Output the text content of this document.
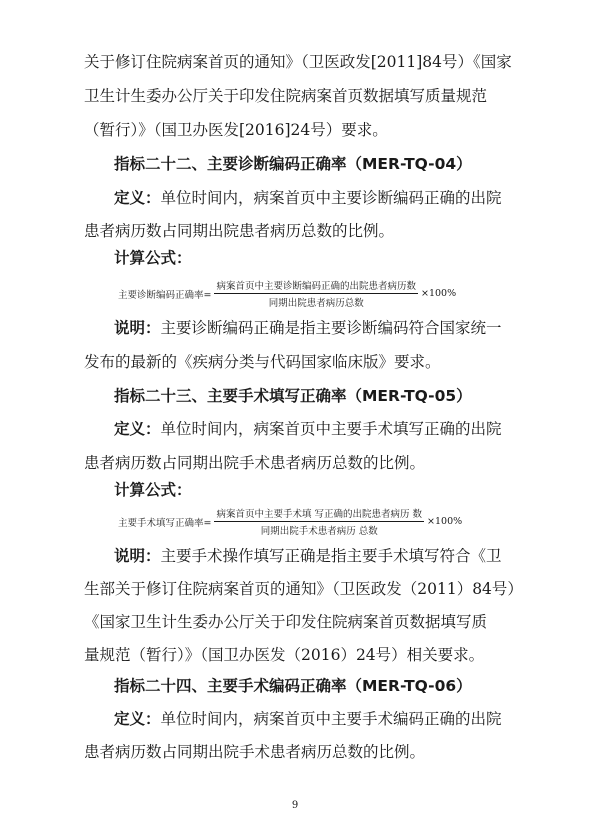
关于修订住院病案首页的通知》（卫医政发[2011]84号）《国家
卫生计生委办公厅关于印发住院病案首页数据填写质量规范
（暂行）》（国卫办医发[2016]24号）要求。
指标二十二、主要诊断编码正确率（MER-TQ-04）
定义：单位时间内，病案首页中主要诊断编码正确的出院
患者病历数占同期出院患者病历总数的比例。
计算公式：
主要诊断编码正确率= $\frac{\text{病案首页中主要诊断编码正确的出院患者病历数}}{\text{同期出院患者病历总数}} \times 100\%$
说明：主要诊断编码正确是指主要诊断编码符合国家统一
发布的最新的《疾病分类与代码国家临床版》要求。
指标二十三、主要手术填写正确率（MER-TQ-05）
定义：单位时间内，病案首页中主要手术填写正确的出院
患者病历数占同期出院手术患者病历总数的比例。
计算公式：
主要手术填写正确率= $\frac{\text{病案首页中主要手术填 写正确的出院患者病历 数}}{\text{同期出院手术患者病历 总数}} \times 100\%$
说明：主要手术操作填写正确是指主要手术填写符合《卫
生部关于修订住院病案首页的通知》（卫医政发（2011）84号）
《国家卫生计生委办公厅关于印发住院病案首页数据填写质
量规范（暂行）》（国卫办医发（2016）24号）相关要求。
指标二十四、主要手术编码正确率（MER-TQ-06）
定义：单位时间内，病案首页中主要手术编码正确的出院
患者病历数占同期出院手术患者病历总数的比例。
9
